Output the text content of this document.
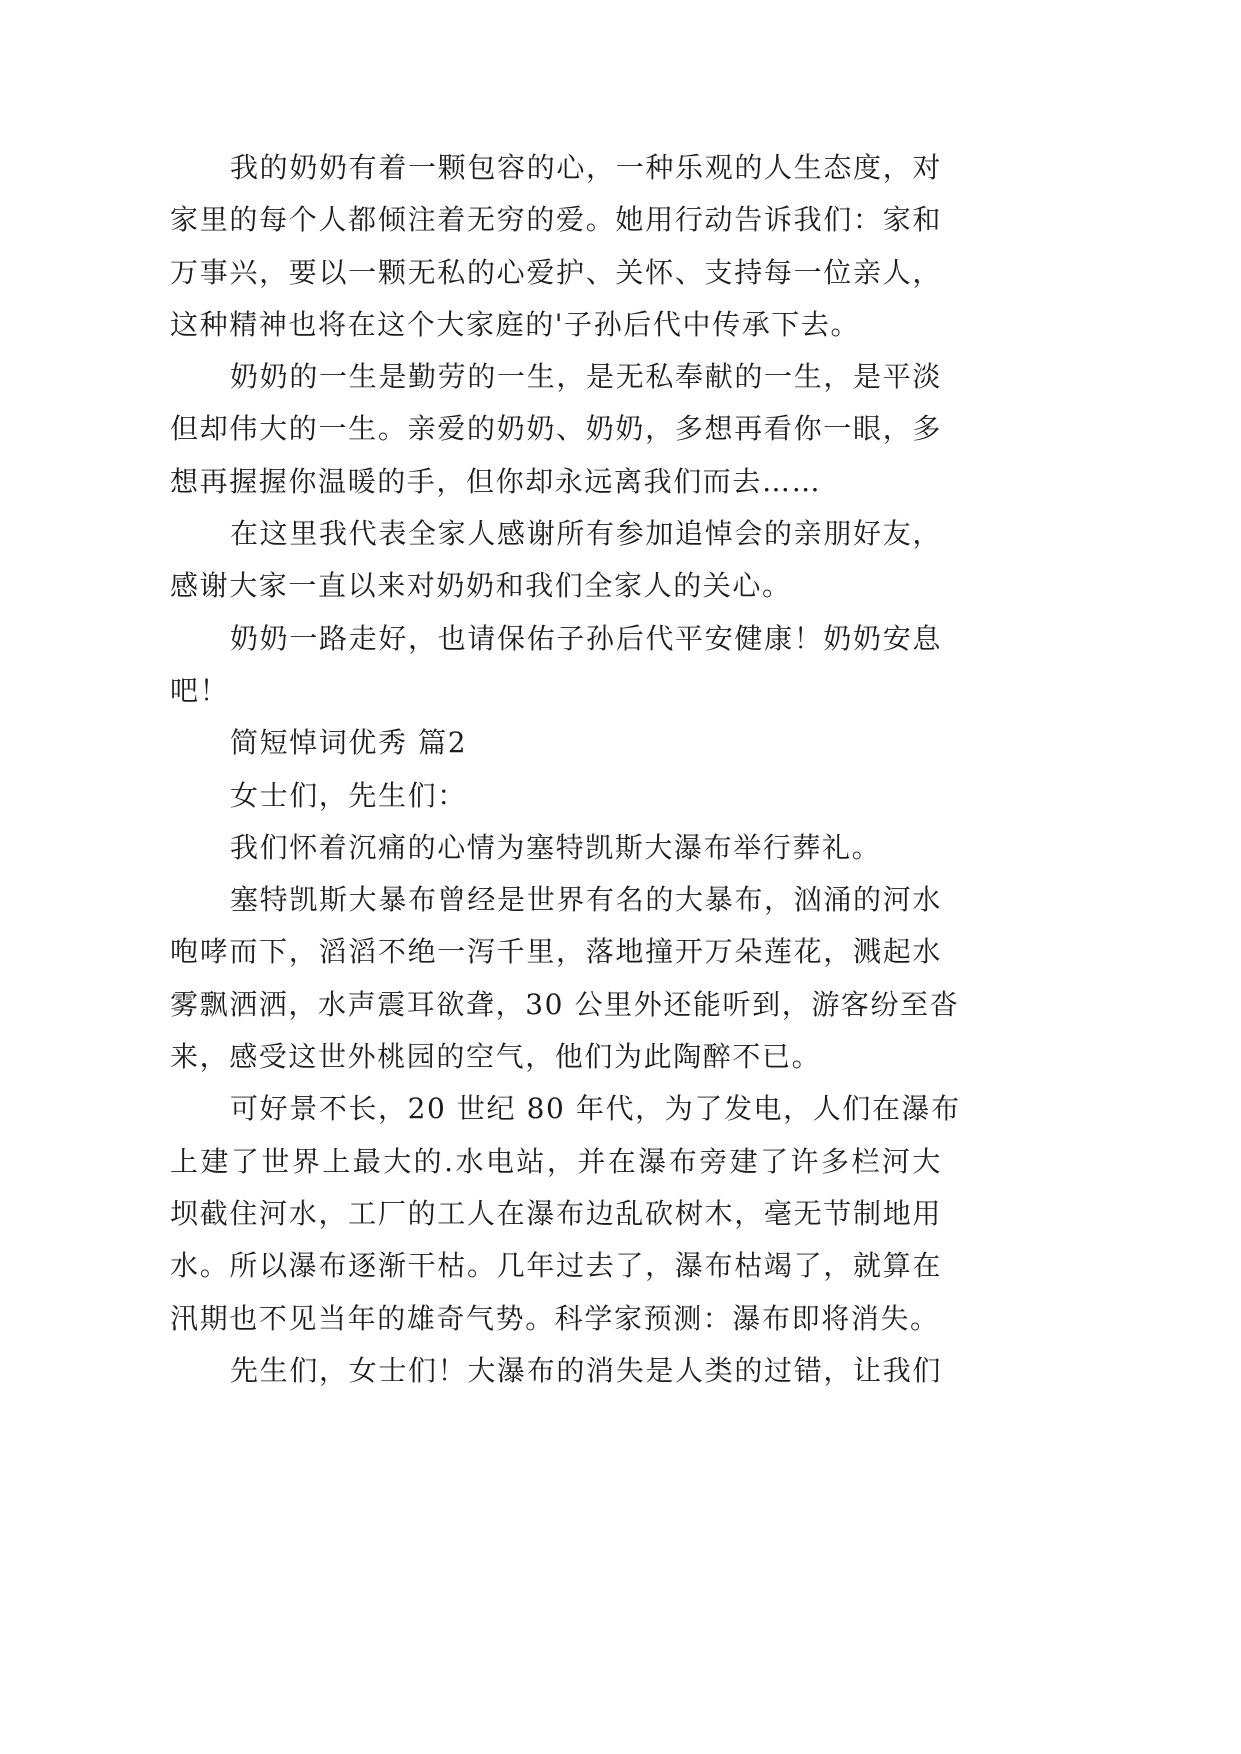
我的奶奶有着一颗包容的心，一种乐观的人生态度，对
家里的每个人都倾注着无穷的爱。她用行动告诉我们：家和
万事兴，要以一颗无私的心爱护、关怀、支持每一位亲人，
这种精神也将在这个大家庭的'子孙后代中传承下去。
奶奶的一生是勤劳的一生，是无私奉献的一生，是平淡
但却伟大的一生。亲爱的奶奶、奶奶，多想再看你一眼，多
想再握握你温暖的手，但你却永远离我们而去……
在这里我代表全家人感谢所有参加追悼会的亲朋好友，
感谢大家一直以来对奶奶和我们全家人的关心。
奶奶一路走好，也请保佑子孙后代平安健康！奶奶安息
吧！
简短悼词优秀 篇2
女士们，先生们：
我们怀着沉痛的心情为塞特凯斯大瀑布举行葬礼。
塞特凯斯大暴布曾经是世界有名的大暴布，汹涌的河水
咆哮而下，滔滔不绝一泻千里，落地撞开万朵莲花，溅起水
雾飘洒洒，水声震耳欲聋，30 公里外还能听到，游客纷至沓
来，感受这世外桃园的空气，他们为此陶醉不已。
可好景不长，20 世纪 80 年代，为了发电，人们在瀑布
上建了世界上最大的.水电站，并在瀑布旁建了许多栏河大
坝截住河水，工厂的工人在瀑布边乱砍树木，毫无节制地用
水。所以瀑布逐渐干枯。几年过去了，瀑布枯竭了，就算在
汛期也不见当年的雄奇气势。科学家预测：瀑布即将消失。
先生们，女士们！大瀑布的消失是人类的过错，让我们
